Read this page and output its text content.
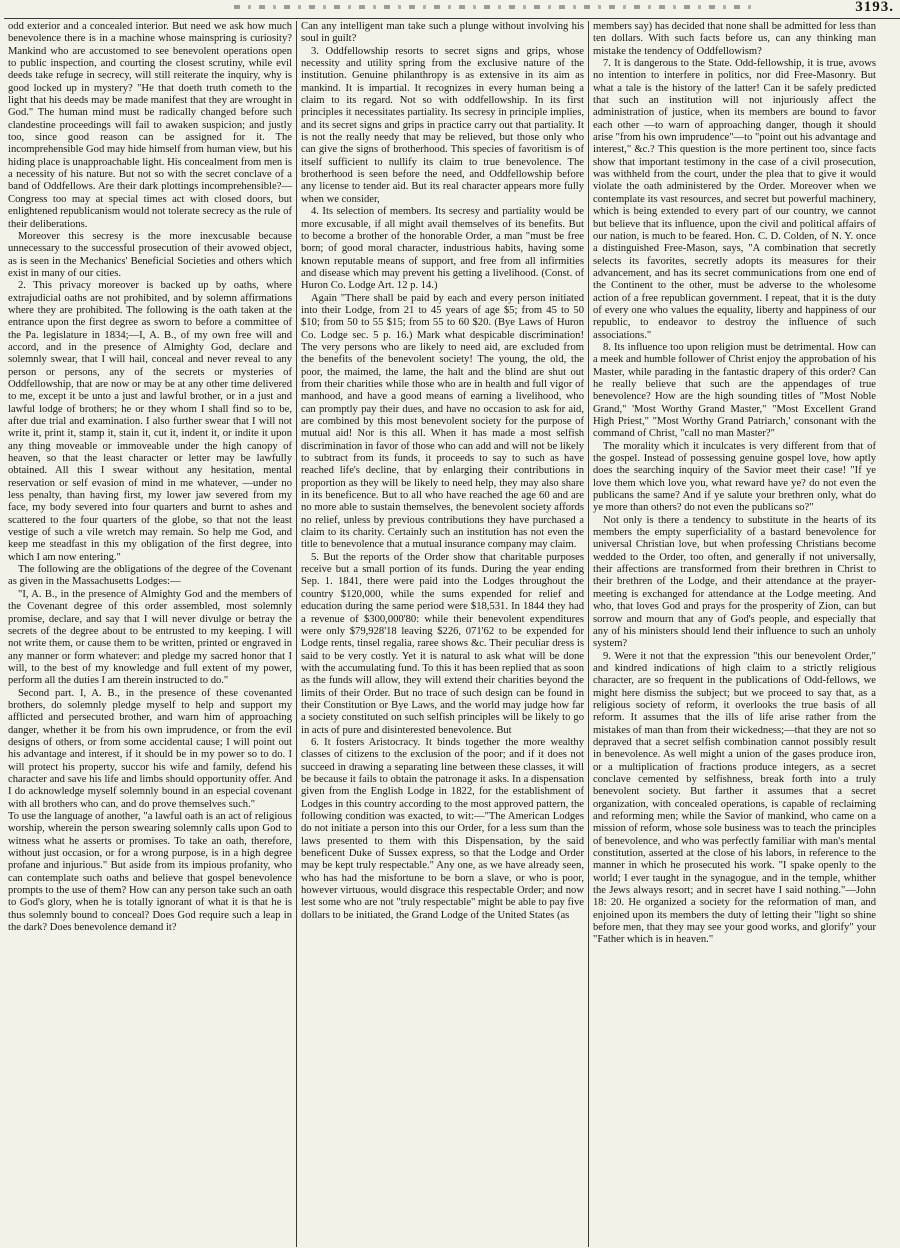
3193.

odd exterior and a concealed interior. But need we ask how much benevolence there is in a machine whose mainspring is curiosity? Mankind who are accustomed to see benevolent operations open to public inspection, and courting the closest scrutiny, while evil deeds take refuge in secrecy, will still reiterate the inquiry, why is good locked up in mystery? "He that doeth truth cometh to the light that his deeds may be made manifest that they are wrought in God." The human mind must be radically changed before such clandestine proceedings will fail to awaken suspicion; and justly too, since good reason can be assigned for it. The incomprehensible God may hide himself from human view, but his hiding place is unapproachable light. His concealment from men is a necessity of his nature. But not so with the secret conclave of a band of Oddfellows. Are their dark plottings incomprehensible?—Congress too may at special times act with closed doors, but enlightened republicanism would not tolerate secrecy as the rule of their deliberations.

Moreover this secresy is the more inexcusable because unnecessary to the successful prosecution of their avowed object, as is seen in the Mechanics' Beneficial Societies and others which exist in many of our cities.

2. This privacy moreover is backed up by oaths, where extrajudicial oaths are not prohibited, and by solemn affirmations where they are prohibited. The following is the oath taken at the entrance upon the first degree as sworn to before a committee of the Pa. legislature in 1834;—I, A. B., of my own free will and accord, and in the presence of Almighty God, declare and solemnly swear, that I will hail, conceal and never reveal to any person or persons, any of the secrets or mysteries of Oddfellowship, that are now or may be at any other time delivered to me, except it be unto a just and lawful brother, or in a just and lawful lodge of brothers; he or they whom I shall find so to be, after due trial and examination. I also further swear that I will not write it, print it, stamp it, stain it, cut it, indent it, or indite it upon any thing moveable or immoveable under the high canopy of heaven, so that the least character or letter may be lawfully obtained. All this I swear without any hesitation, mental reservation or self evasion of mind in me whatever, —under no less penalty, than having first, my lower jaw severed from my face, my body severed into four quarters and burnt to ashes and scattered to the four quarters of the globe, so that not the least vestige of such a vile wretch may remain. So help me God, and keep me steadfast in this my obligation of the first degree, into which I am now entering."

The following are the obligations of the degree of the Covenant as given in the Massachusetts Lodges:—

"I, A. B., in the presence of Almighty God and the members of the Covenant degree of this order assembled, most solemnly promise, declare, and say that I will never divulge or betray the secrets of the degree about to be entrusted to my keeping. I will not write them, or cause them to be written, printed or engraved in any manner or form whatever: and pledge my sacred honor that I will, to the best of my knowledge and full extent of my power, perform all the duties I am therein instructed to do."

Second part. I, A. B., in the presence of these covenanted brothers, do solemnly pledge myself to help and support my afflicted and persecuted brother, and warn him of approaching danger, whether it be from his own imprudence, or from the evil designs of others, or from some accidental cause; I will point out his advantage and interest, if it should be in my power so to do. I will protect his property, succor his wife and family, defend his character and save his life and limbs should opportunity offer. And I do acknowledge myself solemnly bound in an especial covenant with all brothers who can, and do prove themselves such."

To use the language of another, "a lawful oath is an act of religious worship, wherein the person swearing solemnly calls upon God to witness what he asserts or promises. To take an oath, therefore, without just occasion, or for a wrong purpose, is in a high degree profane and injurious." But aside from its impious profanity, who can contemplate such oaths and believe that gospel benevolence prompts to the use of them? How can any person take such an oath to God's glory, when he is totally ignorant of what it is that he is thus solemnly bound to conceal? Does God require such a leap in the dark? Does benevolence demand it?

Can any intelligent man take such a plunge without involving his soul in guilt?

3. Oddfellowship resorts to secret signs and grips, whose necessity and utility spring from the exclusive nature of the institution. Genuine philanthropy is as extensive in its aim as mankind. It is impartial. It recognizes in every human being a claim to its regard. Not so with oddfellowship. In its first principles it necessitates partiality. Its secresy in principle implies, and its secret signs and grips in practice carry out that partiality. It is not the really needy that may be relieved, but those only who can give the signs of brotherhood. This species of favoritism is of itself sufficient to nullify its claim to true benevolence. The brotherhood is seen before the need, and Oddfellowship before any license to tender aid. But its real character appears more fully when we consider,

4. Its selection of members. Its secresy and partiality would be more excusable, if all might avail themselves of its benefits. But to become a brother of the honorable Order, a man "must be free born; of good moral character, industrious habits, having some known reputable means of support, and free from all infirmities and disease which may prevent his getting a livelihood. (Const. of Huron Co. Lodge Art. 12 p. 14.)

Again "There shall be paid by each and every person initiated into their Lodge, from 21 to 45 years of age $5; from 45 to 50 $10; from 50 to 55 $15; from 55 to 60 $20. (Bye Laws of Huron Co. Lodge sec. 5 p. 16.) Mark what despicable discrimination! The very persons who are likely to need aid, are excluded from the benefits of the benevolent society! The young, the old, the poor, the maimed, the lame, the halt and the blind are shut out from their charities while those who are in health and full vigor of manhood, and have a good means of earning a livelihood, who can promptly pay their dues, and have no occasion to ask for aid, are combined by this most benevolent society for the purpose of mutual aid! Nor is this all. When it has made a most selfish discrimination in favor of those who can add and will not be likely to subtract from its funds, it proceeds to say to such as have reached life's decline, that by enlarging their contributions in proportion as they will be likely to need help, they may also share in its beneficence. But to all who have reached the age 60 and are no more able to sustain themselves, the benevolent society affords no relief, unless by previous contributions they have purchased a claim to its charity. Certainly such an institution has not even the title to benevolence that a mutual insurance company may claim.

5. But the reports of the Order show that charitable purposes receive but a small portion of its funds. During the year ending Sep. 1. 1841, there were paid into the Lodges throughout the country $120,000, while the sums expended for relief and education during the same period were $18,531. In 1844 they had a revenue of $300,000'80: while their benevolent expenditures were only $79,928'18 leaving $226, 071'62 to be expended for Lodge rents, tinsel regalia, raree shows &c. Their peculiar dress is said to be very costly. Yet it is natural to ask what will be done with the accumulating fund. To this it has been replied that as soon as the funds will allow, they will extend their charities beyond the limits of their Order. But no trace of such design can be found in their Constitution or Bye Laws, and the world may judge how far a society constituted on such selfish principles will be likely to go in acts of pure and disinterested benevolence. But

6. It fosters Aristocracy. It binds together the more wealthy classes of citizens to the exclusion of the poor; and if it does not succeed in drawing a separating line between these classes, it will be because it fails to obtain the patronage it asks. In a dispensation given from the English Lodge in 1822, for the establishment of Lodges in this country according to the most approved pattern, the following condition was exacted, to wit:—"The American Lodges do not initiate a person into this our Order, for a less sum than the laws presented to them with this Dispensation, by the said beneficent Duke of Sussex express, so that the Lodge and Order may be kept truly respectable." Any one, as we have already seen, who has had the misfortune to be born a slave, or who is poor, however virtuous, would disgrace this respectable Order; and now lest some who are not "truly respectable" might be able to pay five dollars to be initiated, the Grand Lodge of the United States (as

members say) has decided that none shall be admitted for less than ten dollars. With such facts before us, can any thinking man mistake the tendency of Oddfellowism?

7. It is dangerous to the State. Odd-fellowship, it is true, avows no intention to interfere in politics, nor did Free-Masonry. But what a tale is the history of the latter! Can it be safely predicted that such an institution will not injuriously affect the administration of justice, when its members are bound to favor each other —to warn of approaching danger, though it should arise "from his own imprudence"—to "point out his advantage and interest," &c.? This question is the more pertinent too, since facts show that important testimony in the case of a civil prosecution, was withheld from the court, under the plea that to give it would violate the oath administered by the Order. Moreover when we contemplate its vast resources, and secret but powerful machinery, which is being extended to every part of our country, we cannot but believe that its influence, upon the civil and political affairs of our nation, is much to be feared. Hon. C. D. Colden, of N. Y. once a distinguished Free-Mason, says, "A combination that secretly selects its favorites, secretly adopts its measures for their advancement, and has its secret communications from one end of the Continent to the other, must be adverse to the wholesome action of a free republican government. I repeat, that it is the duty of every one who values the equality, liberty and happiness of our republic, to endeavor to destroy the influence of such associations."

8. Its influence too upon religion must be detrimental. How can a meek and humble follower of Christ enjoy the approbation of his Master, while parading in the fantastic drapery of this order? Can he really believe that such are the appendages of true benevolence? How are the high sounding titles of "Most Noble Grand," 'Most Worthy Grand Master," "Most Excellent Grand High Priest," "Most Worthy Grand Patriarch,' consonant with the command of Christ, "call no man Master?"

The morality which it inculcates is very different from that of the gospel. Instead of possessing genuine gospel love, how aptly does the searching inquiry of the Savior meet their case! "If ye love them which love you, what reward have ye? do not even the publicans the same? And if ye salute your brethren only, what do ye more than others? do not even the publicans so?"

Not only is there a tendency to substitute in the hearts of its members the empty superficiality of a bastard benevolence for universal Christian love, but when professing Christians become wedded to the Order, too often, and generally if not universally, their affections are transformed from their brethren in Christ to their brethren of the Lodge, and their attendance at the prayer-meeting is exchanged for attendance at the Lodge meeting. And who, that loves God and prays for the prosperity of Zion, can but sorrow and mourn that any of God's people, and especially that any of his ministers should lend their influence to such an unholy system?

9. Were it not that the expression "this our benevolent Order," and kindred indications of high claim to a strictly religious character, are so frequent in the publications of Odd-fellows, we might here dismiss the subject; but we proceed to say that, as a religious society of reform, it overlooks the true basis of all reform. It assumes that the ills of life arise rather from the mistakes of man than from their wickedness;—that they are not so depraved that a secret selfish combination cannot possibly result in benevolence. As well might a union of the gases produce iron, or a multiplication of fractions produce integers, as a secret conclave cemented by selfishness, break forth into a truly benevolent society. But farther it assumes that a secret organization, with concealed operations, is capable of reclaiming and reforming men; while the Savior of mankind, who came on a mission of reform, whose sole business was to teach the principles of benevolence, and who was perfectly familiar with man's mental constitution, asserted at the close of his labors, in reference to the manner in which he prosecuted his work. "I spake openly to the world; I ever taught in the synagogue, and in the temple, whither the Jews always resort; and in secret have I said nothing."—John 18: 20. He organized a society for the reformation of man, and enjoined upon its members the duty of letting their "light so shine before men, that they may see your good works, and glorify" your "Father which is in heaven."
